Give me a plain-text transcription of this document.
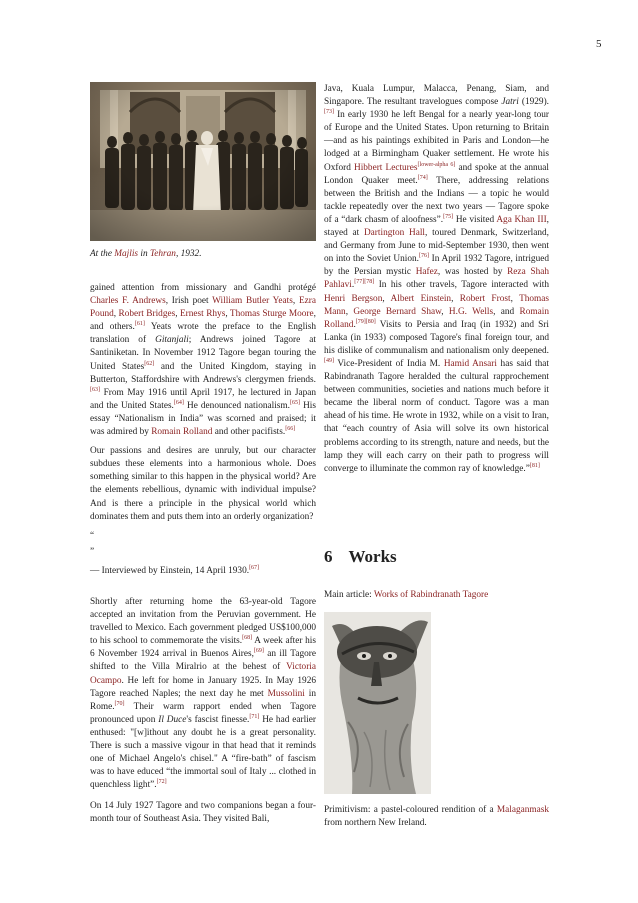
5
At the Majlis in Tehran, 1932.

gained attention from missionary and Gandhi protégé Charles F. Andrews, Irish poet William Butler Yeats, Ezra Pound, Robert Bridges, Ernest Rhys, Thomas Sturge Moore, and others.[61] Yeats wrote the preface to the English translation of Gitanjali; Andrews joined Tagore at Santiniketan. In November 1912 Tagore began touring the United States[62] and the United Kingdom, staying in Butterton, Staffordshire with Andrews's clergymen friends.[63] From May 1916 until April 1917, he lectured in Japan and the United States.[64] He denounced nationalism.[65] His essay “Nationalism in India” was scorned and praised; it was admired by Romain Rolland and other pacifists.[66]

Our passions and desires are unruly, but our character subdues these elements into a harmonious whole. Does something similar to this happen in the physical world? Are the elements rebellious, dynamic with individual impulse? And is there a principle in the physical world which dominates them and puts them into an orderly organization?

“

”

— Interviewed by Einstein, 14 April 1930.[67]

Shortly after returning home the 63-year-old Tagore accepted an invitation from the Peruvian government. He travelled to Mexico. Each government pledged US$100,000 to his school to commemorate the visits.[68] A week after his 6 November 1924 arrival in Buenos Aires,[69] an ill Tagore shifted to the Villa Miralrio at the behest of Victoria Ocampo. He left for home in January 1925. In May 1926 Tagore reached Naples; the next day he met Mussolini in Rome.[70] Their warm rapport ended when Tagore pronounced upon Il Duce's fascist finesse.[71] He had earlier enthused: "[w]ithout any doubt he is a great personality. There is such a massive vigour in that head that it reminds one of Michael Angelo's chisel." A “fire-bath” of fascism was to have educed “the immortal soul of Italy ... clothed in quenchless light”.[72]

On 14 July 1927 Tagore and two companions began a four-month tour of Southeast Asia. They visited Bali,

Java, Kuala Lumpur, Malacca, Penang, Siam, and Singapore. The resultant travelogues compose Jatri (1929).[73] In early 1930 he left Bengal for a nearly year-long tour of Europe and the United States. Upon returning to Britain—and as his paintings exhibited in Paris and London—he lodged at a Birmingham Quaker settlement. He wrote his Oxford Hibbert Lectures[lower-alpha 6] and spoke at the annual London Quaker meet.[74] There, addressing relations between the British and the Indians — a topic he would tackle repeatedly over the next two years — Tagore spoke of a “dark chasm of aloofness”.[75] He visited Aga Khan III, stayed at Dartington Hall, toured Denmark, Switzerland, and Germany from June to mid-September 1930, then went on into the Soviet Union.[76] In April 1932 Tagore, intrigued by the Persian mystic Hafez, was hosted by Reza Shah Pahlavi.[77][78] In his other travels, Tagore interacted with Henri Bergson, Albert Einstein, Robert Frost, Thomas Mann, George Bernard Shaw, H.G. Wells, and Romain Rolland.[79][80] Visits to Persia and Iraq (in 1932) and Sri Lanka (in 1933) composed Tagore's final foreign tour, and his dislike of communalism and nationalism only deepened.[49] Vice-President of India M. Hamid Ansari has said that Rabindranath Tagore heralded the cultural rapprochement between communities, societies and nations much before it became the liberal norm of conduct. Tagore was a man ahead of his time. He wrote in 1932, while on a visit to Iran, that “each country of Asia will solve its own historical problems according to its strength, nature and needs, but the lamp they will each carry on their path to progress will converge to illuminate the common ray of knowledge.”[81]

6 Works
Main article: Works of Rabindranath Tagore
Primitivism: a pastel-coloured rendition of a Malaganmask from northern New Ireland.
